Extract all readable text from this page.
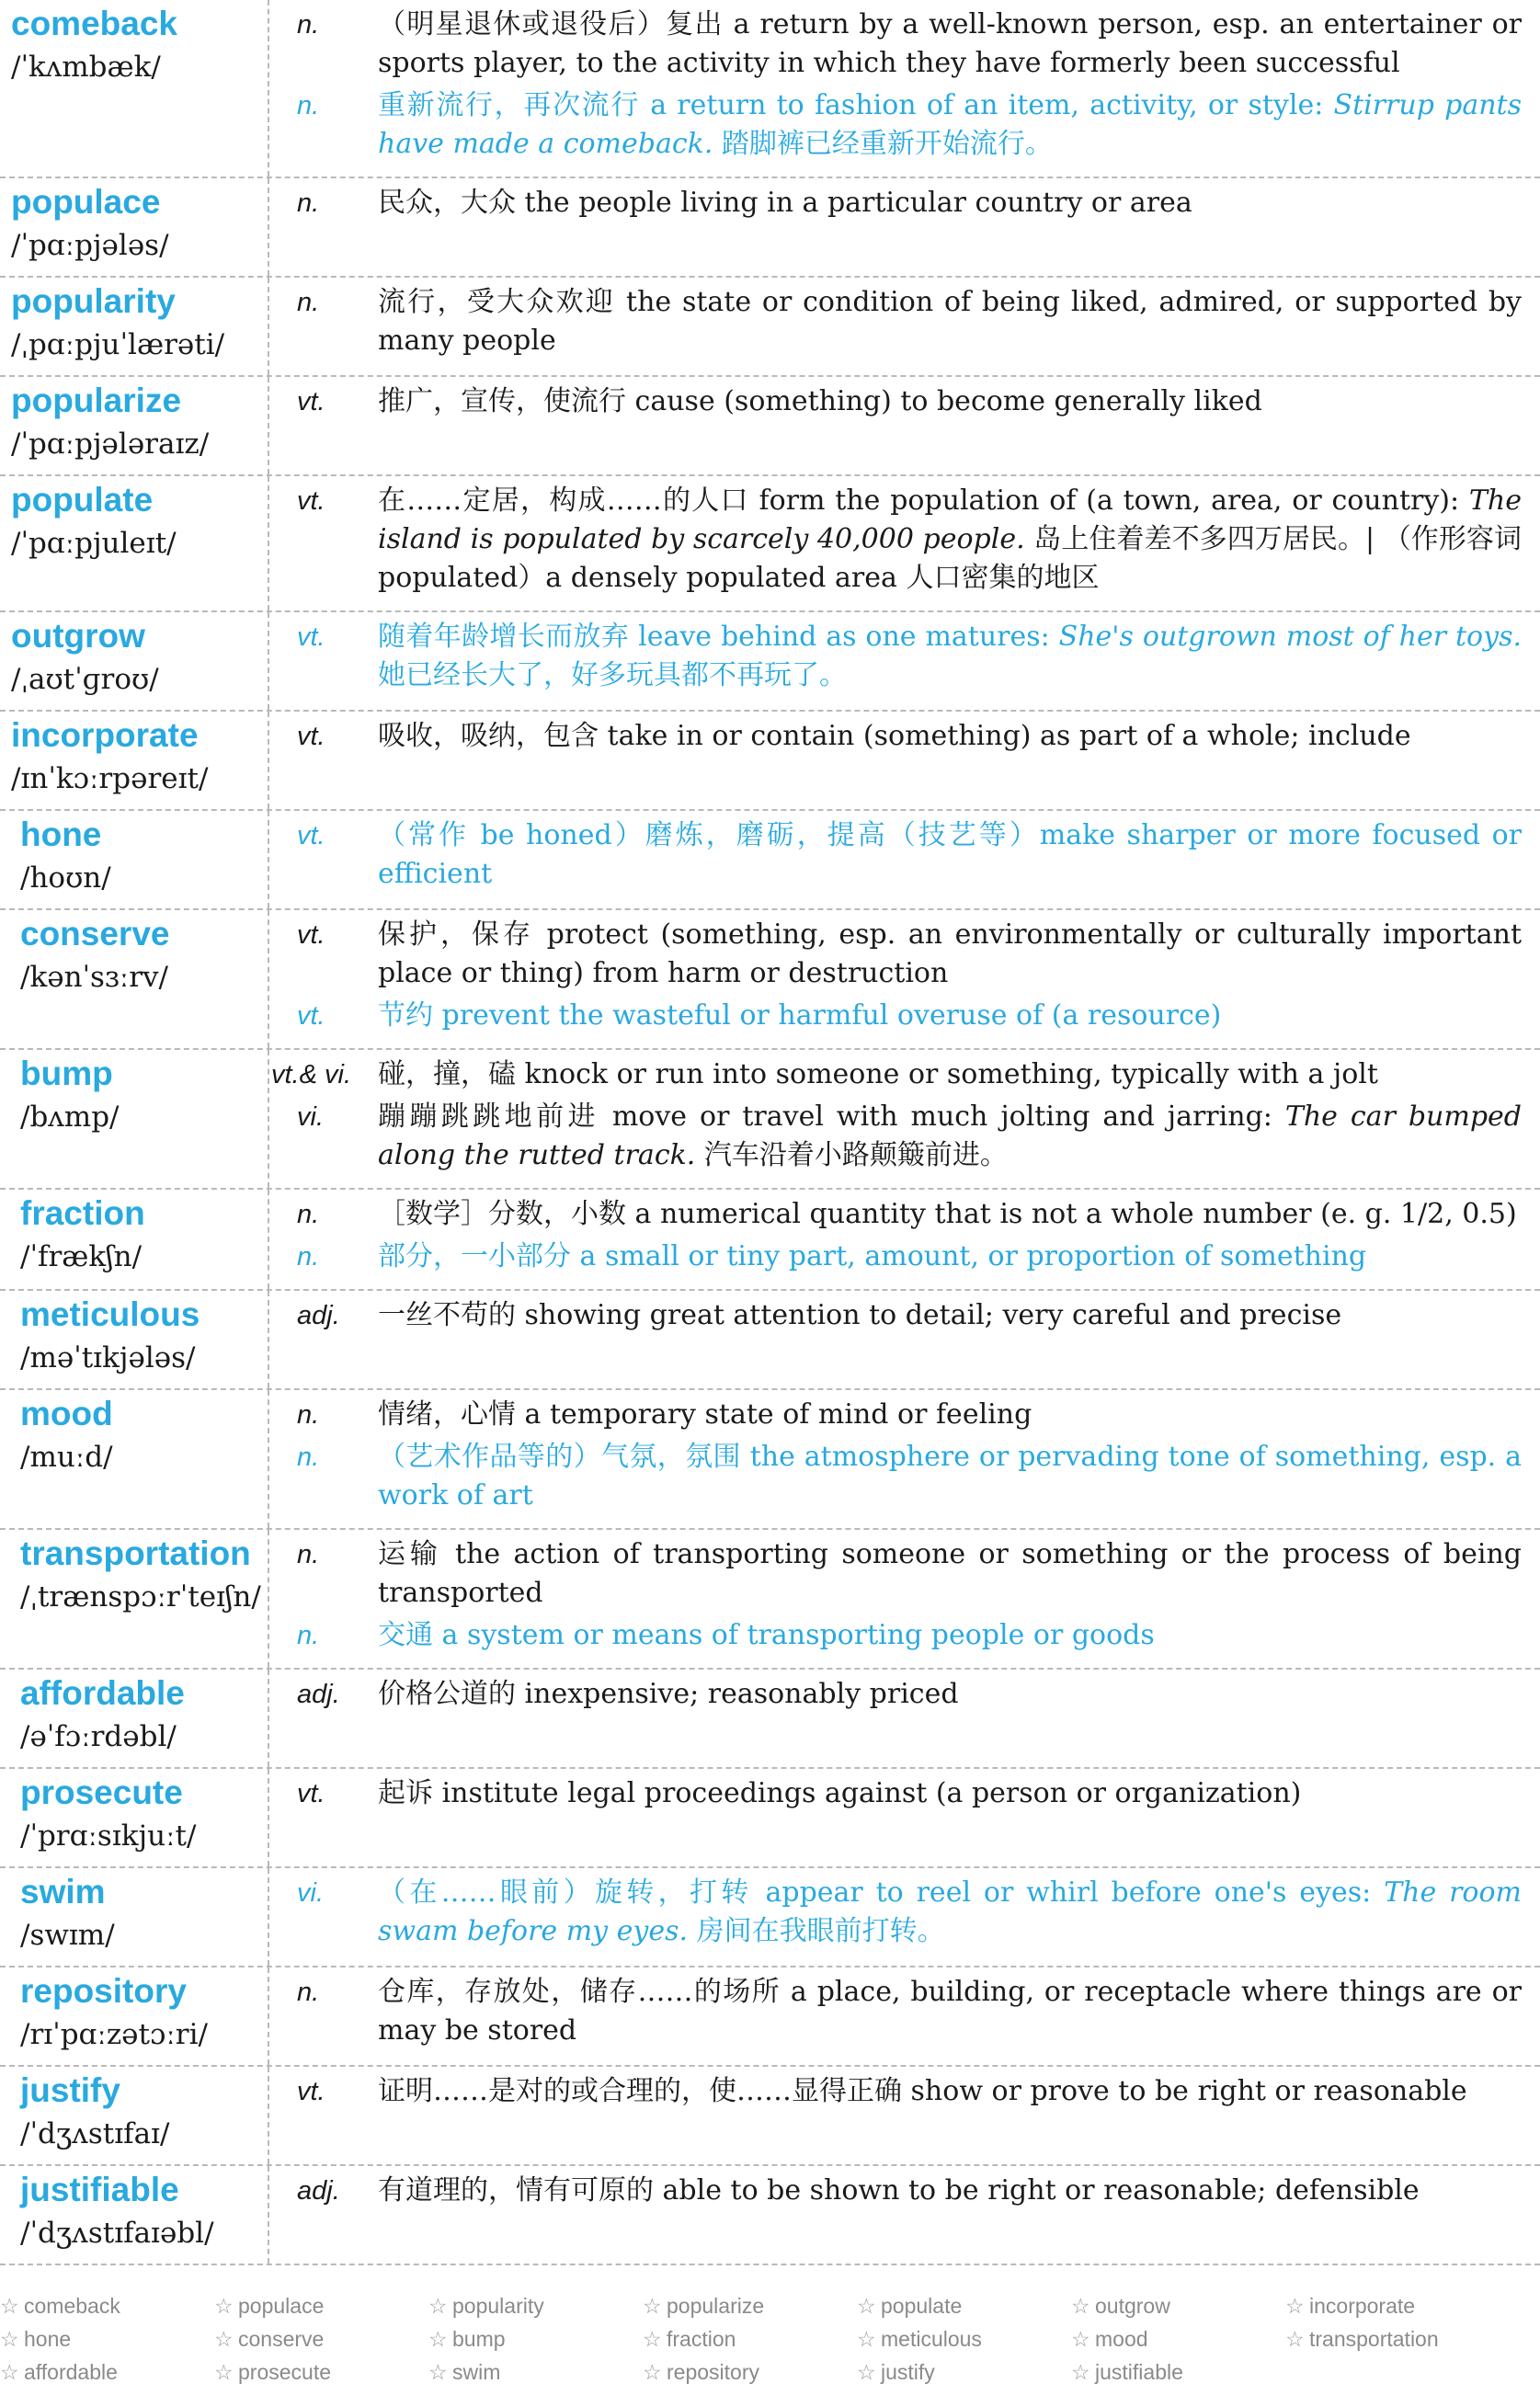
comeback
/ˈkʌmbæk/
n.	（明星退休或退役后）复出 a return by a well-known person, esp. an entertainer or sports player, to the activity in which they have formerly been successful
n.	重新流行，再次流行 a return to fashion of an item, activity, or style: Stirrup pants have made a comeback. 踏脚裤已经重新开始流行。
populace
/ˈpɑːpjələs/
n.	民众，大众 the people living in a particular country or area
popularity
/ˌpɑːpjuˈlærəti/
n.	流行，受大众欢迎 the state or condition of being liked, admired, or supported by many people
popularize
/ˈpɑːpjələraɪz/
vt.	推广，宣传，使流行 cause (something) to become generally liked
populate
/ˈpɑːpjuleɪt/
vt.	在……定居，构成……的人口 form the population of (a town, area, or country): The island is populated by scarcely 40,000 people. 岛上住着差不多四万居民。| （作形容词 populated）a densely populated area 人口密集的地区
outgrow
/ˌaʊtˈɡroʊ/
vt.	随着年龄增长而放弃 leave behind as one matures: She's outgrown most of her toys. 她已经长大了，好多玩具都不再玩了。
incorporate
/ɪnˈkɔːrpəreɪt/
vt.	吸收，吸纳，包含 take in or contain (something) as part of a whole; include
hone
/hoʊn/
vt.	（常作 be honed）磨炼，磨砺，提高（技艺等）make sharper or more focused or efficient
conserve
/kənˈsɜːrv/
vt.	保护，保存 protect (something, esp. an environmentally or culturally important place or thing) from harm or destruction
vt.	节约 prevent the wasteful or harmful overuse of (a resource)
bump
/bʌmp/
vt.& vi. 碰，撞，磕 knock or run into someone or something, typically with a jolt
vi.	蹦蹦跳跳地前进 move or travel with much jolting and jarring: The car bumped along the rutted track. 汽车沿着小路颠簸前进。
fraction
/ˈfrækʃn/
n.	［数学］分数，小数 a numerical quantity that is not a whole number (e. g. 1/2, 0.5)
n.	部分，一小部分 a small or tiny part, amount, or proportion of something
meticulous
/məˈtɪkjələs/
adj.	一丝不苟的 showing great attention to detail; very careful and precise
mood
/muːd/
n.	情绪，心情 a temporary state of mind or feeling
n.	（艺术作品等的）气氛，氛围 the atmosphere or pervading tone of something, esp. a work of art
transportation
/ˌtrænspɔːrˈteɪʃn/
n.	运输 the action of transporting someone or something or the process of being transported
n.	交通 a system or means of transporting people or goods
affordable
/əˈfɔːrdəbl/
adj.	价格公道的 inexpensive; reasonably priced
prosecute
/ˈprɑːsɪkjuːt/
vt.	起诉 institute legal proceedings against (a person or organization)
swim
/swɪm/
vi.	（在……眼前）旋转，打转 appear to reel or whirl before one's eyes: The room swam before my eyes. 房间在我眼前打转。
repository
/rɪˈpɑːzətɔːri/
n.	仓库，存放处，储存……的场所 a place, building, or receptacle where things are or may be stored
justify
/ˈdʒʌstɪfaɪ/
vt.	证明……是对的或合理的，使……显得正确 show or prove to be right or reasonable
justifiable
/ˈdʒʌstɪfaɪəbl/
adj.	有道理的，情有可原的 able to be shown to be right or reasonable; defensible
☆ comeback	☆ populace	☆ popularity	☆ popularize	☆ populate	☆ outgrow	☆ incorporate
☆ hone	☆ conserve	☆ bump	☆ fraction	☆ meticulous	☆ mood	☆ transportation
☆ affordable	☆ prosecute	☆ swim	☆ repository	☆ justify	☆ justifiable
